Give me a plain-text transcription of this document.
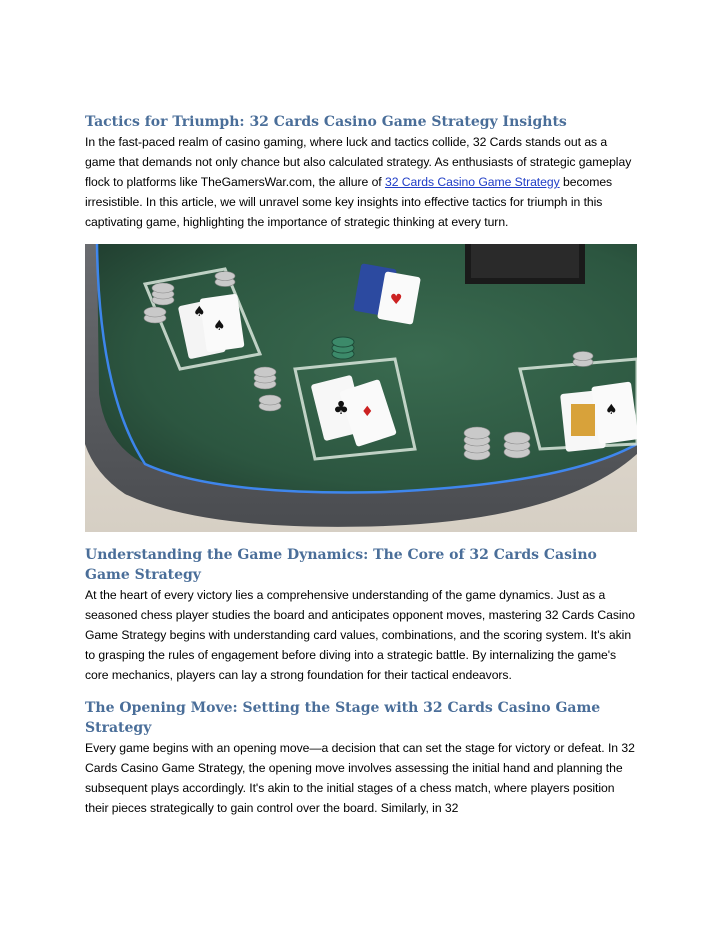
Tactics for Triumph: 32 Cards Casino Game Strategy Insights

In the fast-paced realm of casino gaming, where luck and tactics collide, 32 Cards stands out as a game that demands not only chance but also calculated strategy. As enthusiasts of strategic gameplay flock to platforms like TheGamersWar.com, the allure of 32 Cards Casino Game Strategy becomes irresistible. In this article, we will unravel some key insights into effective tactics for triumph in this captivating game, highlighting the importance of strategic thinking at every turn.

♠
♠
♣ ♦
♥
♠
Understanding the Game Dynamics: The Core of 32 Cards Casino Game Strategy

At the heart of every victory lies a comprehensive understanding of the game dynamics. Just as a seasoned chess player studies the board and anticipates opponent moves, mastering 32 Cards Casino Game Strategy begins with understanding card values, combinations, and the scoring system. It's akin to grasping the rules of engagement before diving into a strategic battle. By internalizing the game's core mechanics, players can lay a strong foundation for their tactical endeavors.

The Opening Move: Setting the Stage with 32 Cards Casino Game Strategy

Every game begins with an opening move—a decision that can set the stage for victory or defeat. In 32 Cards Casino Game Strategy, the opening move involves assessing the initial hand and planning the subsequent plays accordingly. It's akin to the initial stages of a chess match, where players position their pieces strategically to gain control over the board. Similarly, in 32
